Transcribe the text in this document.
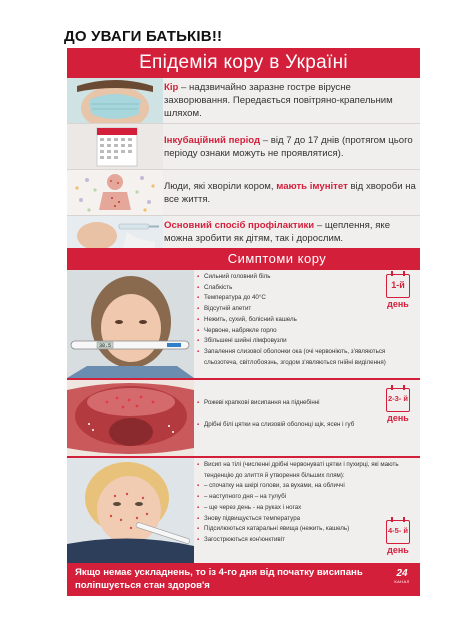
ДО УВАГИ БАТЬКІВ!!
Епідемія кору в Україні
Кір – надзвичайно заразне гостре вірусне захворювання. Передається повітряно-крапельним шляхом.
Інкубаційний період – від 7 до 17 днів (протягом цього періоду ознаки можуть не проявлятися).
Люди, які хворіли кором, мають імунітет від хвороби на все життя.
Основний спосіб профілактики – щеплення, яке можна зробити як дітям, так і дорослим.
Симптоми кору
38.5
▪ Сильний головний біль
▪ Слабкість
▪ Температура до 40°С
▪ Відсутній апетит
▪ Нежить, сухий, болісний кашель
▪ Червоне, набрякле горло
▪ Збільшені шийні лімфовузли
▪ Запалення слизової оболонки ока (очі червоніють, з'являються сльозотеча, світлобоязнь, згодом з'являються гнійні виділення)
1-й
день
▪ Рожеві крапкові висипання на піднебінні
▪ Дрібні білі цятки на слизовій оболонці щік, ясен і губ
2-3- й
день
▪ Висип на тілі (численні дрібні червонуваті цятки і пухирці, які мають тенденцію до злиття й утворення більших плям):
▪ – спочатку на шкірі голови, за вухами, на обличчі
▪ – наступного дня – на тулубі
▪ – ще через день - на руках і ногах
▪ Знову підвищується температура
▪ Підсилюються катаральні явища (нежить, кашель)
▪ Загострюються кон'юнктивіт
4-5- й
день
Якщо немає ускладнень, то із 4-го дня від початку висипань поліпшується стан здоров'я
24
КАНАЛ
